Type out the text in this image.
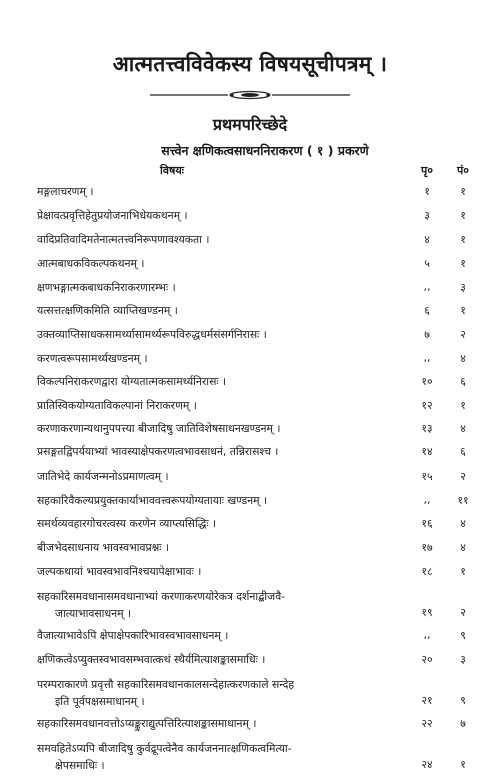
आत्मतत्त्वविवेकस्य विषयसूचीपत्रम् ।
प्रथमपरिच्छेदे
सत्त्वेन क्षणिकत्वसाधननिराकरण ( १ ) प्रकरणे
विषयः	पृ०	पं०
मङ्गलाचरणम् ।	१	१
प्रेक्षावत्प्रवृत्तिहेतुप्रयोजनाभिधेयकथनम् ।	३	१
वादिप्रतिवादिमतेनात्मतत्त्वनिरूपणावश्यकता ।	४	१
आत्मबाधकविकल्पकथनम् ।	५	१
क्षणभङ्गात्मकबाधकनिराकरणारम्भः ।	,,	३
यत्सत्तत्क्षणिकमिति व्याप्तिखण्डनम् ।	६	१
उक्तव्याप्तिसाधकसामर्थ्यासामर्थ्यरूपविरुद्धधर्मसंसर्गनिरासः ।	७	२
करणत्वरूपसामर्थ्यखण्डनम् ।	,,	४
विकल्पनिराकरणद्वारा योग्यतात्मकसामर्थ्यनिरासः ।	१०	६
प्रातिस्विकयोग्यताविकल्पानां निराकरणम् ।	१२	१
करणाकरणान्यथानुपपत्त्या बीजादिषु जातिविशेषसाधनखण्डनम् ।	१३	४
प्रसङ्गतद्विपर्ययाभ्यां भावस्याक्षेपकरणत्वभावसाधनं, तन्निरासश्च ।	१४	६
जातिभेदे कार्यजन्मनोऽप्रमाणत्वम् ।	१५	२
सहकारिवैकल्यप्रयुक्तकार्याभाववत्त्वरूपयोग्यतायाः खण्डनम् ।	,,	११
समर्थव्यवहारगोचरत्वस्य करणेन व्याप्त्यसिद्धिः ।	१६	४
बीजभेदसाधनाय भावस्वभावप्रश्नः ।	१७	४
जल्पकथायां भावस्वभावनिश्चयापेक्षाभावः ।	१८	१
सहकारिसमवधानासमवधानाभ्यां करणाकरणयोरेकत्र दर्शनाद्बीजवै-
जात्याभावसाधनम् ।	१९	२
वैजात्याभावेऽपि क्षेपाक्षेपकारिभावस्वभावसाधनम् ।	,,	९
क्षणिकत्वेऽप्युक्तस्वभावसम्भवात्कथं स्थैर्यमित्याशङ्कासमाधिः ।	२०	३
परम्पराकारणे प्रवृत्तौ सहकारिसमवधानकालसन्देहात्करणकाले सन्देह
इति पूर्वपक्षसमाधानम् ।	२१	९
सहकारिसमवधानवत्तोऽप्यङ्कुराद्युत्पत्तिरित्याशङ्कासमाधानम् ।	२२	७
समवहितेऽप्यपि बीजादिषु कुर्वद्रूपत्वेनैव कार्यजननात्क्षणिकत्वमित्या-
क्षेपसमाधिः ।	२४	१
